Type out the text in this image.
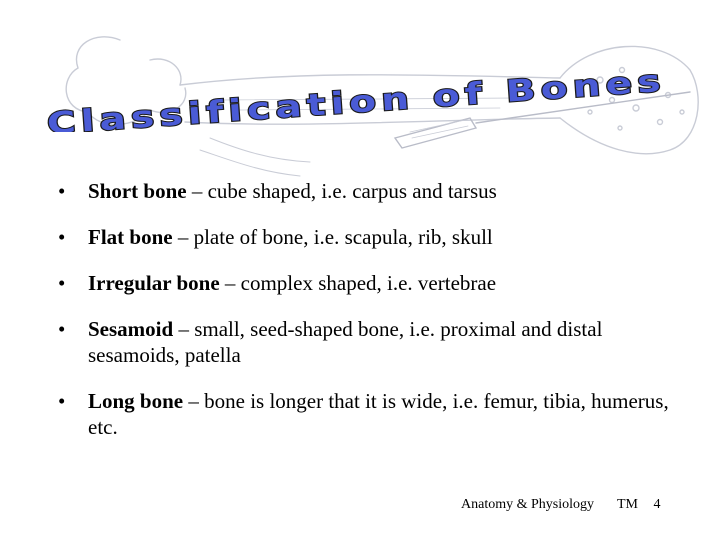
Classification of Bones
• Short bone – cube shaped, i.e. carpus and tarsus
• Flat bone – plate of bone, i.e. scapula, rib, skull
• Irregular bone – complex shaped, i.e. vertebrae
• Sesamoid – small, seed-shaped bone, i.e. proximal and distal sesamoids, patella
• Long bone – bone is longer that it is wide, i.e. femur, tibia, humerus, etc.
Anatomy & Physiology TM 4
